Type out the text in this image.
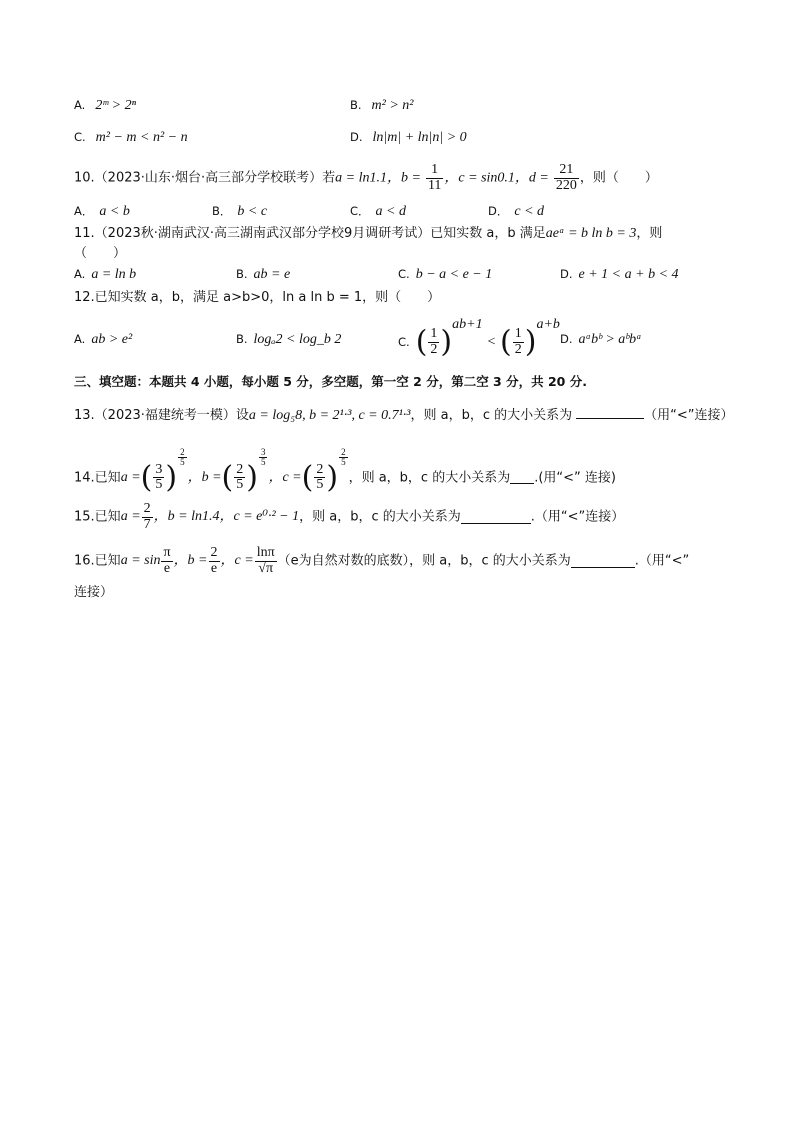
A. 2ᵐ > 2ⁿ	B. m² > n²
C. m² − m < n² − n	D. ln|m| + ln|n| > 0
10.（2023·山东·烟台·高三部分学校联考）若a = ln1.1，$b = \frac{1}{11}$ ，c = sin0.1，$d = \frac{21}{220}$ ，则（　　）
A． a < b	B． b < c	C． a < d	D． c < d
11.（2023秋·湖南武汉·高三湖南武汉部分学校9月调研考试）已知实数 a，b 满足aeᵃ = b ln b = 3，则
（　　）
A. a = ln b	B. ab = e	C. b − a < e − 1	D. e + 1 < a + b < 4
12.已知实数 a，b，满足 a>b>0，ln a ln b = 1，则（　　）
A. ab > e²	B. logₐ2 < log_b 2	C. ( $\frac{1}{2} )^{ab+1}$ < ( $\frac{1}{2} )^{a+b}$
D. aᵃbᵇ > aᵇbᵃ
三、填空题：本题共 4 小题，每小题 5 分，多空题，第一空 2 分，第二空 3 分，共 20 分.
13.（2023·福建统考一模）设a = log₅8, b = 2¹·³, c = 0.7¹·³，则 a，b，c 的大小关系为	（用“<”连接）
14.已知a =( $\frac{3}{5}$ )
$\frac{2}{5}$
，b =( $\frac{2}{5}$ )
$\frac{3}{5}$
，c =( $\frac{2}{5}$ )
$\frac{2}{5}$
，则 a，b，c 的大小关系为 .(用“<” 连接)
15.已知$a = \frac{2}{7}$ ，b = ln1.4，c = e⁰·² − 1，则 a，b，c 的大小关系为	.（用“<”连接）
16.已知$a = \sin \frac{\pi}{e}$ ，$b = \frac{2}{e}$ ，$c = \frac{\ln\pi}{√\pi} (e$为自然对数的底数），则 a，b，c 的大小关系为	.（用“<”
连接）
